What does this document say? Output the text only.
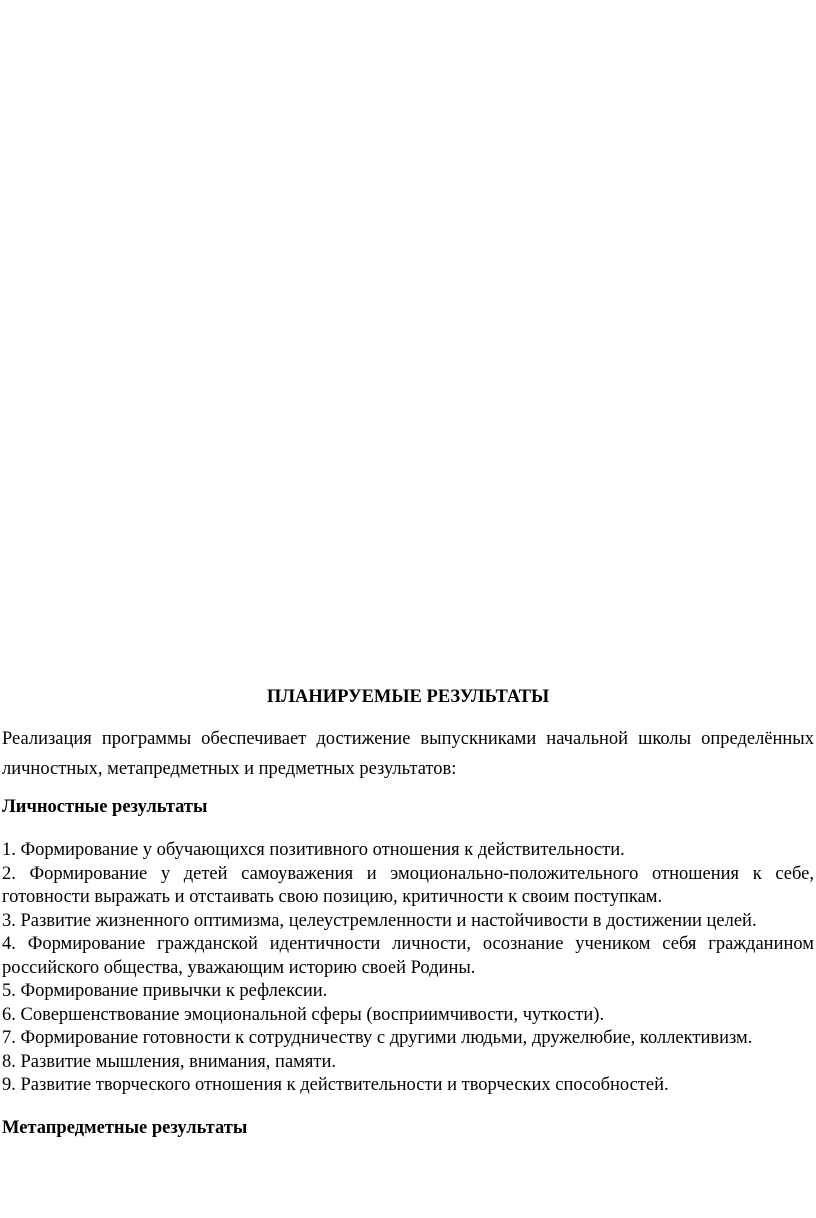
ПЛАНИРУЕМЫЕ РЕЗУЛЬТАТЫ

Реализация программы обеспечивает достижение выпускниками начальной школы определённых личностных, метапредметных и предметных результатов:

Личностные результаты
1. Формирование у обучающихся позитивного отношения к действительности.
2. Формирование у детей самоуважения и эмоционально-положительного отношения к себе, готовности выражать и отстаивать свою позицию, критичности к своим поступкам.
3. Развитие жизненного оптимизма, целеустремленности и настойчивости в достижении целей.
4. Формирование гражданской идентичности личности, осознание учеником себя гражданином российского общества, уважающим историю своей Родины.
5. Формирование привычки к рефлексии.
6. Совершенствование эмоциональной сферы (восприимчивости, чуткости).
7. Формирование готовности к сотрудничеству с другими людьми, дружелюбие, коллективизм.
8. Развитие мышления, внимания, памяти.
9. Развитие творческого отношения к действительности и творческих способностей.
Метапредметные результаты
